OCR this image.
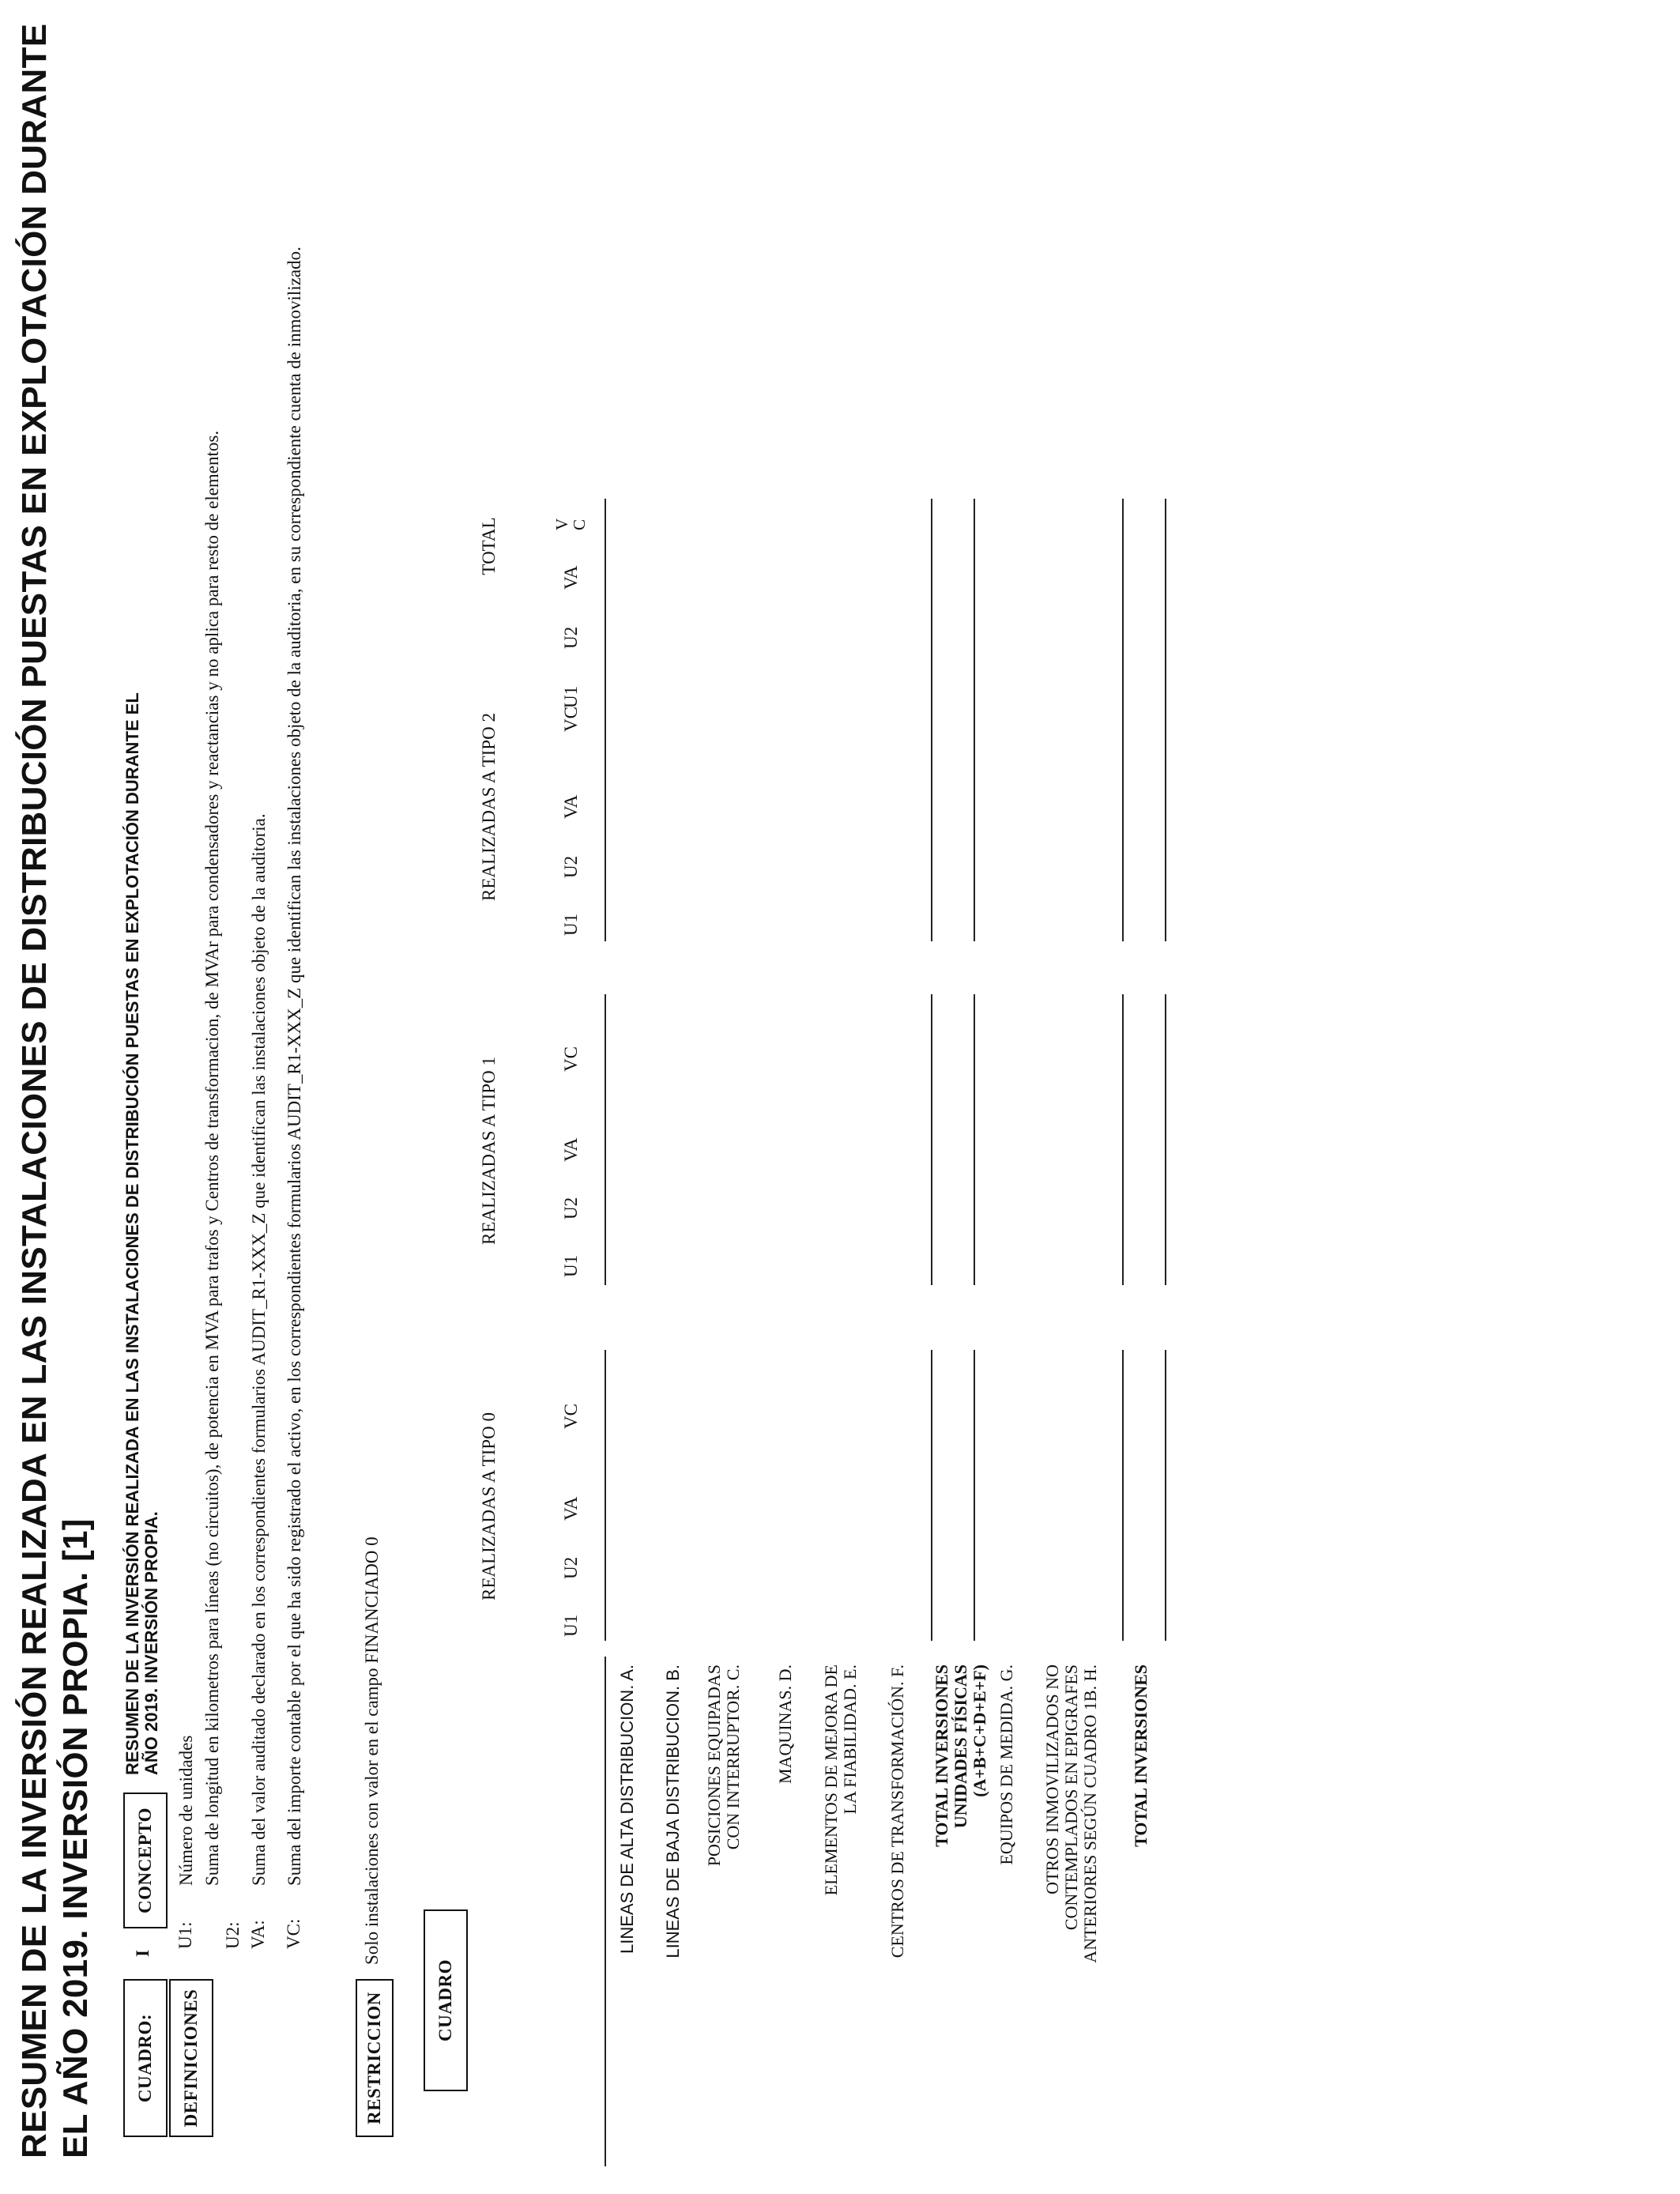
RESUMEN DE LA INVERSIÓN REALIZADA EN LAS INSTALACIONES DE DISTRIBUCIÓN PUESTAS EN EXPLOTACIÓN DURANTE EL AÑO 2019. INVERSIÓN PROPIA. [1] CUADRO:
I
CONCEPTO
RESUMEN DE LA INVERSIÓN REALIZADA EN LAS INSTALACIONES DE DISTRIBUCIÓN PUESTAS EN EXPLOTACIÓN DURANTE EL AÑO 2019. INVERSIÓN PROPIA.
DEFINICIONES
U1:
Número de unidades
U2:
Suma de longitud en kilometros para líneas (no circuitos), de potencia en MVA para trafos y Centros de transformacion, de MVAr para condensadores y reactancias y no aplica para resto de elementos.
VA:
Suma del valor auditado declarado en los correspondientes formularios AUDIT_R1-XXX_Z que identifican las instalaciones objeto de la auditoria.
VC:
Suma del importe contable por el que ha sido registrado el activo, en los correspondientes formularios AUDIT_R1-XXX_Z que identifican las instalaciones objeto de la auditoria, en su correspondiente cuenta de inmovilizado.
RESTRICCION
Solo instalaciones con valor en el campo FINANCIADO 0
CUADRO
REALIZADAS A TIPO 0
REALIZADAS A TIPO 1
REALIZADAS A TIPO 2
TOTAL
U1
U2
VA
VC
U1
U2
VA
VC
U1
U2
VA
VC
U1
U2
VA
V C
LINEAS DE ALTA DISTRIBUCION. A. LINEAS DE BAJA DISTRIBUCION. B. POSICIONES EQUIPADAS CON INTERRUPTOR. C. MAQUINAS. D. ELEMENTOS DE MEJORA DE LA FIABILIDAD. E. CENTROS DE TRANSFORMACIÓN. F. TOTAL INVERSIONES UNIDADES FÍSICAS (A+B+C+D+E+F) EQUIPOS DE MEDIDA. G. OTROS INMOVILIZADOS NO CONTEMPLADOS EN EPIGRAFES ANTERIORES SEGÚN CUADRO 1B. H. TOTAL INVERSIONES
